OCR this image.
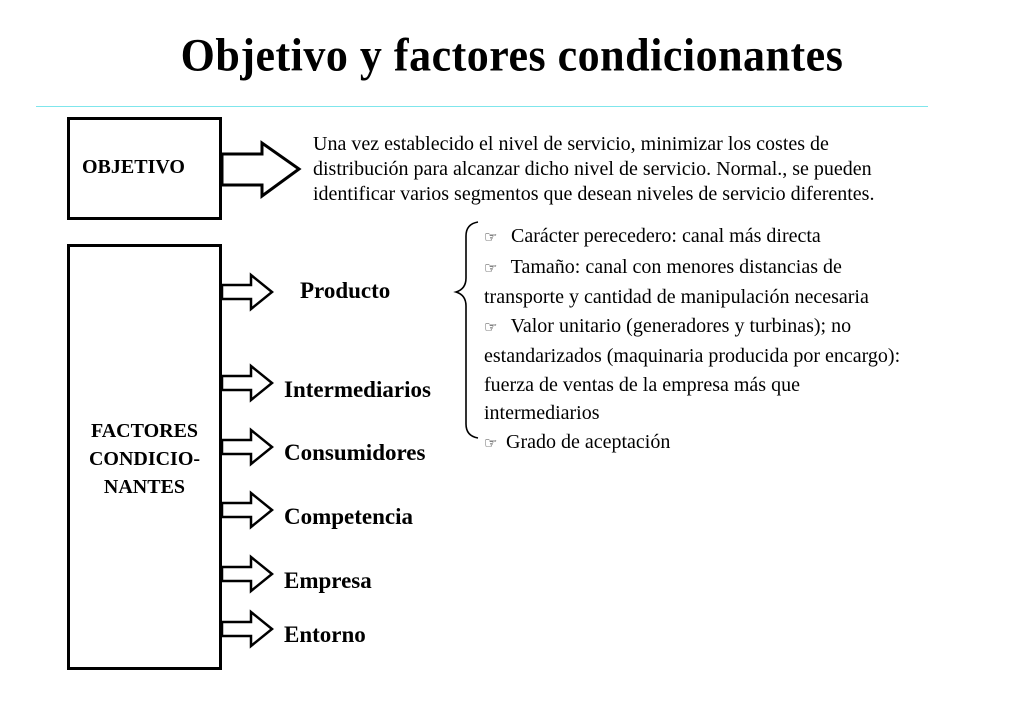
Objetivo y factores condicionantes
OBJETIVO
FACTORES
CONDICIO-
NANTES
Una vez establecido el nivel de servicio, minimizar los costes de
distribución para alcanzar dicho nivel de servicio. Normal., se pueden
identificar varios segmentos que desean niveles de servicio diferentes.
Producto
Intermediarios
Consumidores
Competencia
Empresa
Entorno
☞ Carácter perecedero: canal más directa
☞ Tamaño: canal con menores distancias de
transporte y cantidad de manipulación necesaria
☞ Valor unitario (generadores y turbinas); no
estandarizados (maquinaria producida por encargo):
fuerza de ventas de la empresa más que
intermediarios
☞ Grado de aceptación
